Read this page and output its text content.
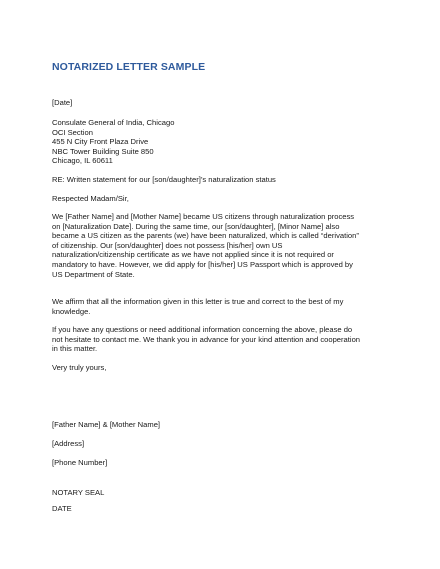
NOTARIZED LETTER SAMPLE
[Date]
Consulate General of India, Chicago
OCI Section
455 N City Front Plaza Drive
NBC Tower Building Suite 850
Chicago, IL 60611
RE: Written statement for our [son/daughter]’s naturalization status
Respected Madam/Sir,
We [Father Name] and [Mother Name] became US citizens through naturalization process
on [Naturalization Date]. During the same time, our [son/daughter], [Minor Name] also
became a US citizen as the parents (we) have been naturalized, which is called “derivation”
of citizenship. Our [son/daughter] does not possess [his/her] own US
naturalization/citizenship certificate as we have not applied since it is not required or
mandatory to have. However, we did apply for [his/her] US Passport which is approved by
US Department of State.
We affirm that all the information given in this letter is true and correct to the best of my
knowledge.
If you have any questions or need additional information concerning the above, please do
not hesitate to contact me. We thank you in advance for your kind attention and cooperation
in this matter.
Very truly yours,
[Father Name] & [Mother Name]
[Address]
[Phone Number]
NOTARY SEAL
DATE
